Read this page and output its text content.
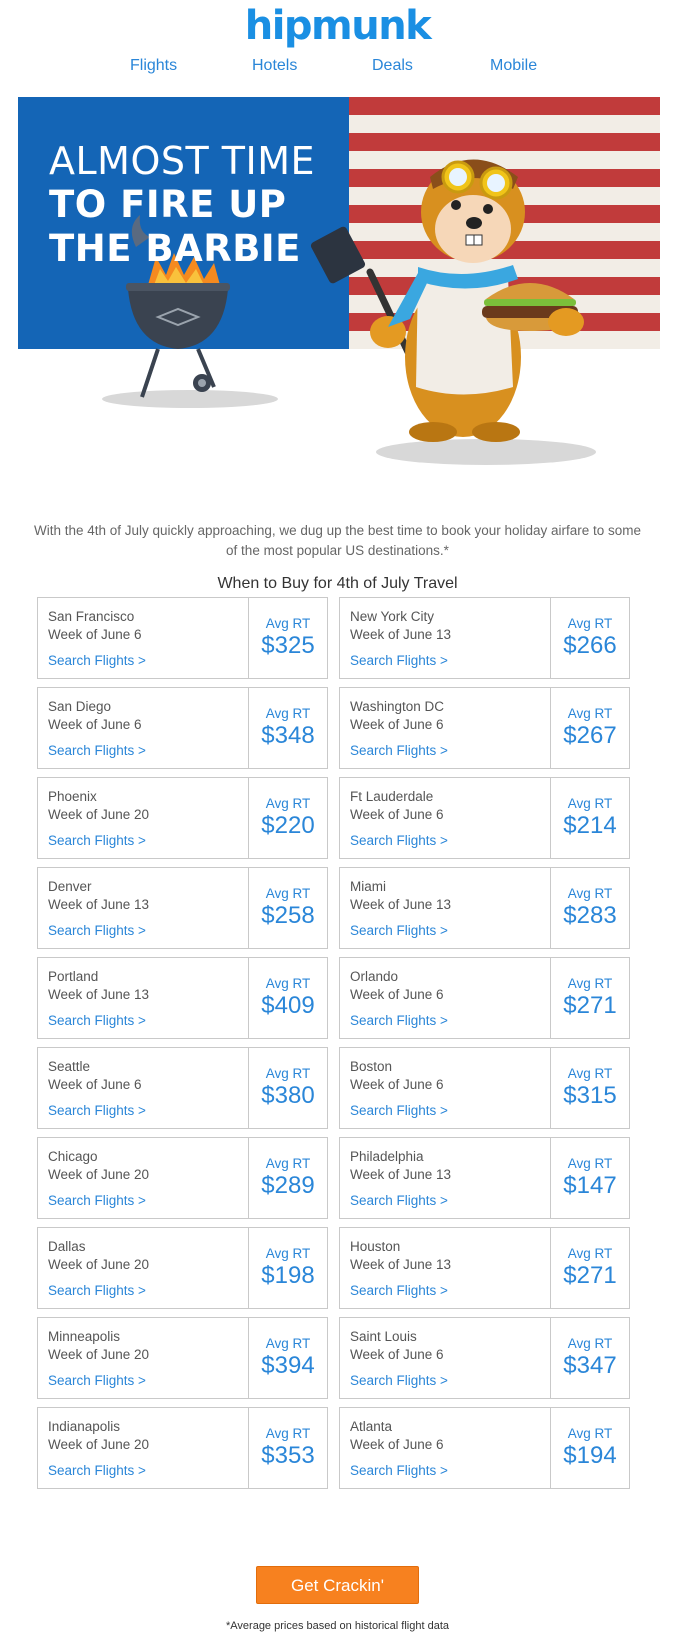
hipmunk
Flights	Hotels	Deals	Mobile
ALMOST TIME
TO FIRE UP
THE BARBIE
With the 4th of July quickly approaching, we dug up the best time to book your holiday airfare to some of the most popular US destinations.*
When to Buy for 4th of July Travel
San Francisco
Week of June 6
Search Flights >
Avg RT
$325
New York City
Week of June 13
Search Flights >
Avg RT
$266
San Diego
Week of June 6
Search Flights >
Avg RT
$348
Washington DC
Week of June 6
Search Flights >
Avg RT
$267
Phoenix
Week of June 20
Search Flights >
Avg RT
$220
Ft Lauderdale
Week of June 6
Search Flights >
Avg RT
$214
Denver
Week of June 13
Search Flights >
Avg RT
$258
Miami
Week of June 13
Search Flights >
Avg RT
$283
Portland
Week of June 13
Search Flights >
Avg RT
$409
Orlando
Week of June 6
Search Flights >
Avg RT
$271
Seattle
Week of June 6
Search Flights >
Avg RT
$380
Boston
Week of June 6
Search Flights >
Avg RT
$315
Chicago
Week of June 20
Search Flights >
Avg RT
$289
Philadelphia
Week of June 13
Search Flights >
Avg RT
$147
Dallas
Week of June 20
Search Flights >
Avg RT
$198
Houston
Week of June 13
Search Flights >
Avg RT
$271
Minneapolis
Week of June 20
Search Flights >
Avg RT
$394
Saint Louis
Week of June 6
Search Flights >
Avg RT
$347
Indianapolis
Week of June 20
Search Flights >
Avg RT
$353
Atlanta
Week of June 6
Search Flights >
Avg RT
$194
Get Crackin'
*Average prices based on historical flight data
